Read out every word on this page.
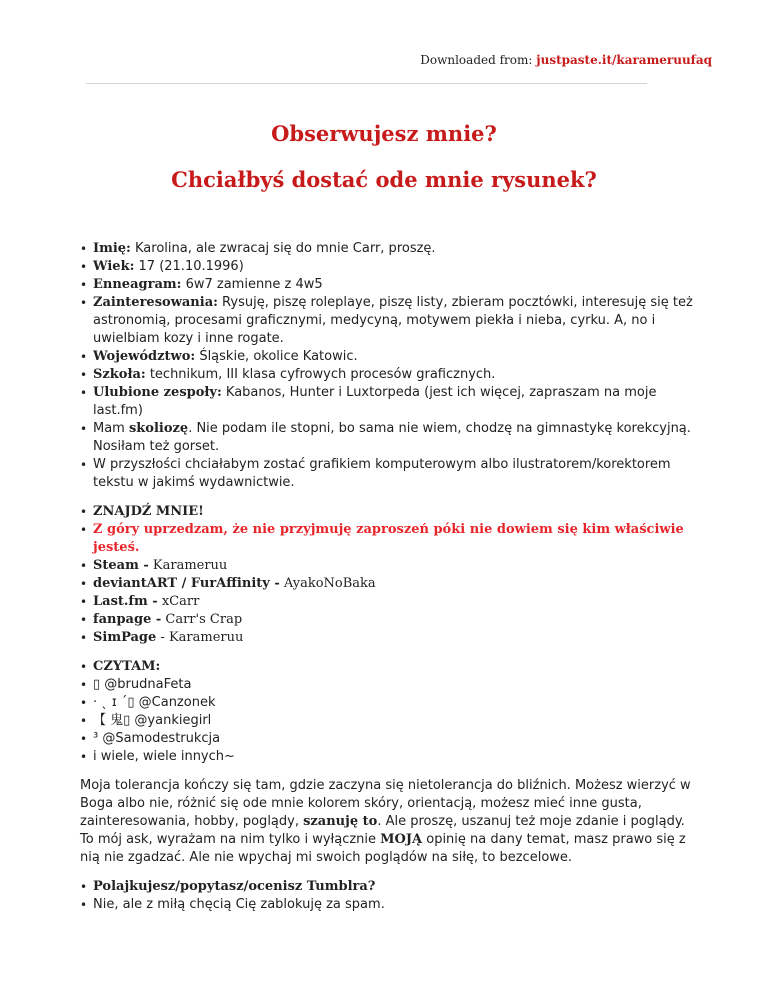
Downloaded from: justpaste.it/karameruufaq
Obserwujesz mnie?
Chciałbyś dostać ode mnie rysunek?
• Imię: Karolina, ale zwracaj się do mnie Carr, proszę.
• Wiek: 17 (21.10.1996)
• Enneagram: 6w7 zamienne z 4w5
• Zainteresowania: Rysuję, piszę roleplaye, piszę listy, zbieram pocztówki, interesuję się też astronomią, procesami graficznymi, medycyną, motywem piekła i nieba, cyrku. A, no i uwielbiam kozy i inne rogate.
• Województwo: Śląskie, okolice Katowic.
• Szkoła: technikum, III klasa cyfrowych procesów graficznych.
• Ulubione zespoły: Kabanos, Hunter i Luxtorpeda (jest ich więcej, zapraszam na moje last.fm)
• Mam skoliozę. Nie podam ile stopni, bo sama nie wiem, chodzę na gimnastykę korekcyjną. Nosiłam też gorset.
• W przyszłości chciałabym zostać grafikiem komputerowym albo ilustratorem/korektorem tekstu w jakimś wydawnictwie.
• ZNAJDŹ MNIE!
• Z góry uprzedzam, że nie przyjmuję zaproszeń póki nie dowiem się kim właściwie jesteś.
• Steam - Karameruu
• deviantART / FurAffinity - AyakoNoBaka
• Last.fm - xCarr
• fanpage - Carr's Crap
• SimPage - Karameruu
• CZYTAM:
• ▯ @brudnaFeta
• · ˎ ɪ ˊ▯ @Canzonek
• 【 鬼▯ @yankiegirl
• ³ @Samodestrukcja
• i wiele, wiele innych~

Moja tolerancja kończy się tam, gdzie zaczyna się nietolerancja do bliźnich. Możesz wierzyć w Boga albo nie, różnić się ode mnie kolorem skóry, orientacją, możesz mieć inne gusta, zainteresowania, hobby, poglądy, szanuję to. Ale proszę, uszanuj też moje zdanie i poglądy. To mój ask, wyrażam na nim tylko i wyłącznie MOJĄ opinię na dany temat, masz prawo się z nią nie zgadzać. Ale nie wpychaj mi swoich poglądów na siłę, to bezcelowe.

• Polajkujesz/popytasz/ocenisz Tumblra?
• Nie, ale z miłą chęcią Cię zablokuję za spam.
